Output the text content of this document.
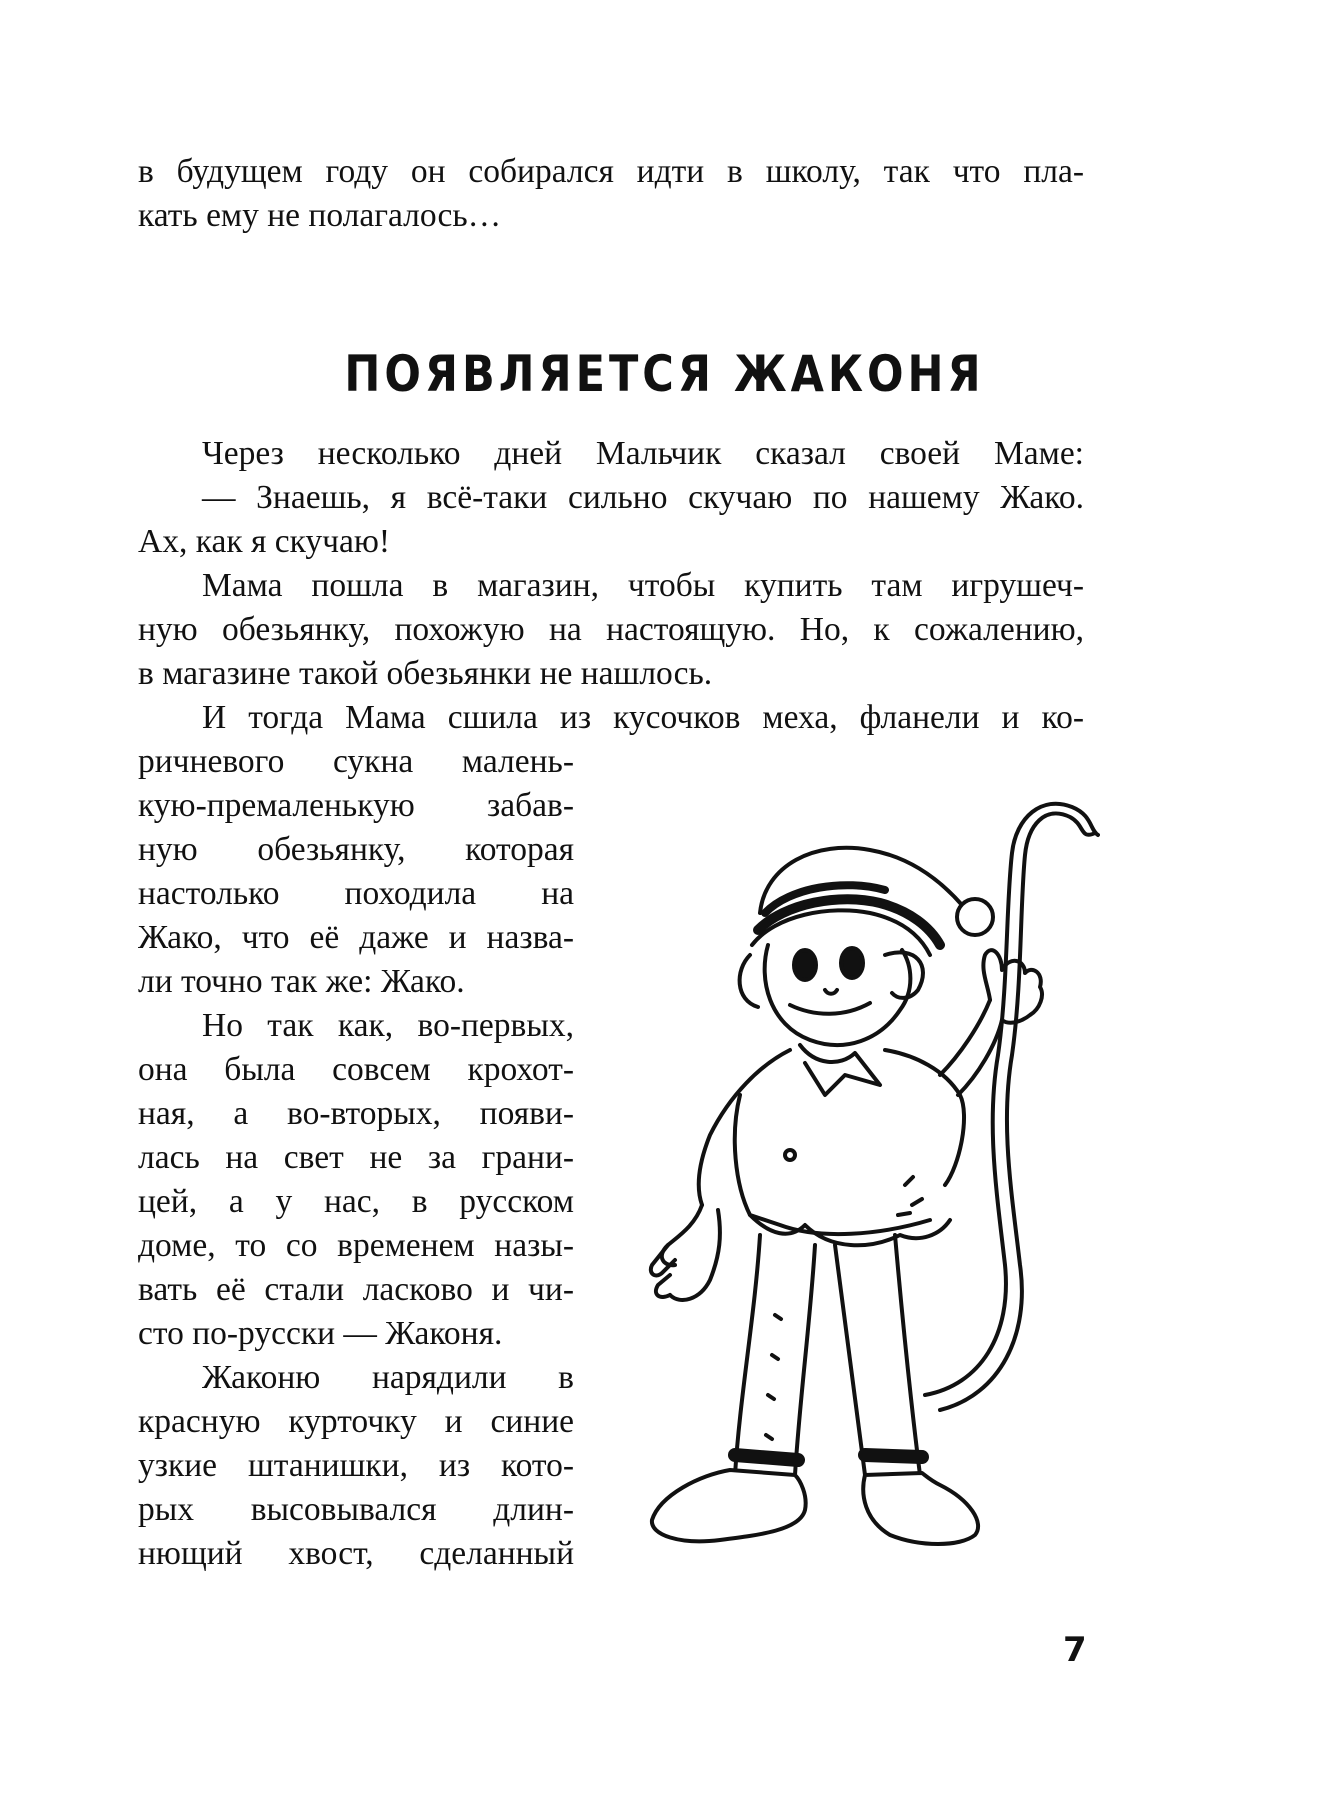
в будущем году он собирался идти в школу, так что пла-
кать ему не полагалось…
ПОЯВЛЯЕТСЯ ЖАКОНЯ
Через несколько дней Мальчик сказал своей Маме:
— Знаешь, я всё-таки сильно скучаю по нашему Жако.
Ах, как я скучаю!
Мама пошла в магазин, чтобы купить там игрушеч-
ную обезьянку, похожую на настоящую. Но, к сожалению,
в магазине такой обезьянки не нашлось.
И тогда Мама сшила из кусочков меха, фланели и ко-
ричневого сукна малень-
кую-премаленькую забав-
ную обезьянку, которая
настолько походила на
Жако, что её даже и назва-
ли точно так же: Жако.
Но так как, во-первых,
она была совсем крохот-
ная, а во-вторых, появи-
лась на свет не за грани-
цей, а у нас, в русском
доме, то со временем назы-
вать её стали ласково и чи-
сто по-русски — Жаконя.
Жаконю нарядили в
красную курточку и синие
узкие штанишки, из кото-
рых высовывался длин-
нющий хвост, сделанный
7
